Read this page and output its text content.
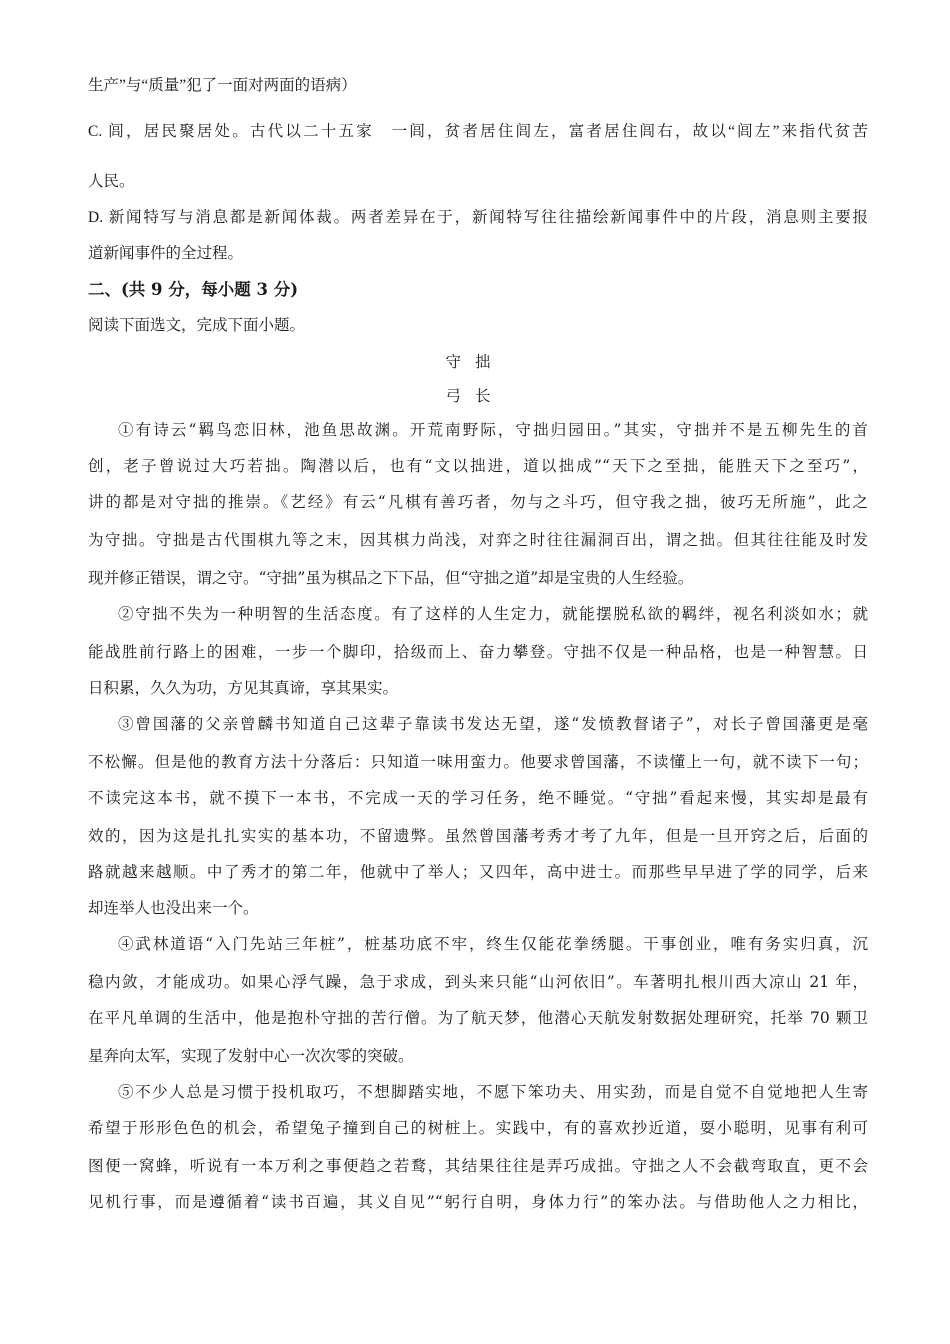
生产”与“质量”犯了一面对两面的语病）
C. 闾，居民聚居处。古代以二十五家　一闾，贫者居住闾左，富者居住闾右，故以“闾左”来指代贫苦
人民。
D. 新闻特写与消息都是新闻体裁。两者差异在于，新闻特写往往描绘新闻事件中的片段，消息则主要报
道新闻事件的全过程。
二、(共 9 分，每小题 3 分)
阅读下面选文，完成下面小题。
守拙
弓长
①有诗云“羁鸟恋旧林，池鱼思故渊。开荒南野际，守拙归园田。”其实，守拙并不是五柳先生的首
创，老子曾说过大巧若拙。陶潜以后，也有“文以拙进，道以拙成”“天下之至拙，能胜天下之至巧”，
讲的都是对守拙的推崇。《艺经》有云“凡棋有善巧者，勿与之斗巧，但守我之拙，彼巧无所施”，此之
为守拙。守拙是古代围棋九等之末，因其棋力尚浅，对弈之时往往漏洞百出，谓之拙。但其往往能及时发
现并修正错误，谓之守。“守拙”虽为棋品之下下品，但“守拙之道”却是宝贵的人生经验。
②守拙不失为一种明智的生活态度。有了这样的人生定力，就能摆脱私欲的羁绊，视名利淡如水；就
能战胜前行路上的困难，一步一个脚印，拾级而上、奋力攀登。守拙不仅是一种品格，也是一种智慧。日
日积累，久久为功，方见其真谛，享其果实。
③曾国藩的父亲曾麟书知道自己这辈子靠读书发达无望，遂“发愤教督诸子”，对长子曾国藩更是毫
不松懈。但是他的教育方法十分落后：只知道一味用蛮力。他要求曾国藩，不读懂上一句，就不读下一句；
不读完这本书，就不摸下一本书，不完成一天的学习任务，绝不睡觉。“守拙”看起来慢，其实却是最有
效的，因为这是扎扎实实的基本功，不留遗弊。虽然曾国藩考秀才考了九年，但是一旦开窍之后，后面的
路就越来越顺。中了秀才的第二年，他就中了举人；又四年，高中进士。而那些早早进了学的同学，后来
却连举人也没出来一个。
④武林道语“入门先站三年桩”，桩基功底不牢，终生仅能花拳绣腿。干事创业，唯有务实归真，沉
稳内敛，才能成功。如果心浮气躁，急于求成，到头来只能“山河依旧”。车著明扎根川西大凉山 21 年，
在平凡单调的生活中，他是抱朴守拙的苦行僧。为了航天梦，他潜心天航发射数据处理研究，托举 70 颗卫
星奔向太军，实现了发射中心一次次零的突破。
⑤不少人总是习惯于投机取巧，不想脚踏实地，不愿下笨功夫、用实劲，而是自觉不自觉地把人生寄
希望于形形色色的机会，希望兔子撞到自己的树桩上。实践中，有的喜欢抄近道，耍小聪明，见事有利可
图便一窝蜂，听说有一本万利之事便趋之若鹜，其结果往往是弄巧成拙。守拙之人不会截弯取直，更不会
见机行事，而是遵循着“读书百遍，其义自见”“躬行自明，身体力行”的笨办法。与借助他人之力相比，
